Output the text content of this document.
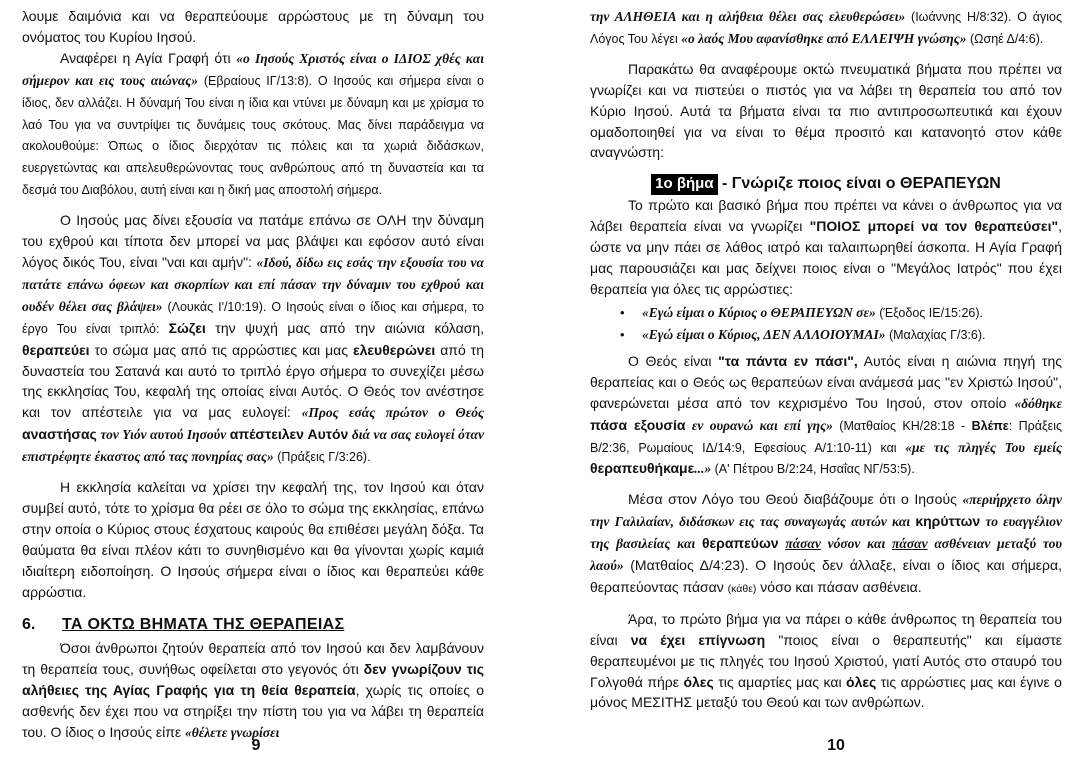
λουμε δαιμόνια και να θεραπεύουμε αρρώστους με τη δύναμη του ονόματος του Κυρίου Ιησού.

Αναφέρει η Αγία Γραφή ότι «ο Ιησούς Χριστός είναι ο ΙΔΙΟΣ χθές και σήμερον και εις τους αιώνας» (Εβραίους ΙΓ/13:8). Ο Ιησούς και σήμερα είναι ο ίδιος, δεν αλλάζει. Η δύναμή Του είναι η ίδια και ντύνει με δύναμη και με χρίσμα το λαό Του για να συντρίψει τις δυνάμεις τους σκότους. Μας δίνει παράδειγμα να ακολουθούμε: Όπως ο ίδιος διερχόταν τις πόλεις και τα χωριά διδάσκων, ευεργετώντας και απελευθερώνοντας τους ανθρώπους από τη δυναστεία και τα δεσμά του Διαβόλου, αυτή είναι και η δική μας αποστολή σήμερα.

Ο Ιησούς μας δίνει εξουσία να πατάμε επάνω σε ΟΛΗ την δύναμη του εχθρού και τίποτα δεν μπορεί να μας βλάψει και εφόσον αυτό είναι λόγος δικός Του, είναι "ναι και αμήν": «Ιδού, δίδω εις εσάς την εξουσία του να πατάτε επάνω όφεων και σκορπίων και επί πάσαν την δύναμιν του εχθρού και ουδέν θέλει σας βλάψει» (Λουκάς Ι'/10:19). Ο Ιησούς είναι ο ίδιος και σήμερα, το έργο Του είναι τριπλό: Σώζει την ψυχή μας από την αιώνια κόλαση, θεραπεύει το σώμα μας από τις αρρώστιες και μας ελευθερώνει από τη δυναστεία του Σατανά και αυτό το τριπλό έργο σήμερα το συνεχίζει μέσω της εκκλησίας Του, κεφαλή της οποίας είναι Αυτός. Ο Θεός τον ανέστησε και τον απέστειλε για να μας ευλογεί: «Προς εσάς πρώτον ο Θεός αναστήσας τον Υιόν αυτού Ιησούν απέστειλεν Αυτόν διά να σας ευλογεί όταν επιστρέφητε έκαστος από τας πονηρίας σας» (Πράξεις Γ/3:26).

Η εκκλησία καλείται να χρίσει την κεφαλή της, τον Ιησού και όταν συμβεί αυτό, τότε το χρίσμα θα ρέει σε όλο το σώμα της εκκλησίας, επάνω στην οποία ο Κύριος στους έσχατους καιρούς θα επιθέσει μεγάλη δόξα. Τα θαύματα θα είναι πλέον κάτι το συνηθισμένο και θα γίνονται χωρίς καμιά ιδιαίτερη ειδοποίηση. Ο Ιησούς σήμερα είναι ο ίδιος και θεραπεύει κάθε αρρώστια.

6.	ΤΑ ΟΚΤΩ ΒΗΜΑΤΑ ΤΗΣ ΘΕΡΑΠΕΙΑΣ

Όσοι άνθρωποι ζητούν θεραπεία από τον Ιησού και δεν λαμβάνουν τη θεραπεία τους, συνήθως οφείλεται στο γεγονός ότι δεν γνωρίζουν τις αλήθειες της Αγίας Γραφής για τη θεία θεραπεία, χωρίς τις οποίες ο ασθενής δεν έχει που να στηρίξει την πίστη του για να λάβει τη θεραπεία του. Ο ίδιος ο Ιησούς είπε «θέλετε γνωρίσει

την ΑΛΗΘΕΙΑ και η αλήθεια θέλει σας ελευθερώσει» (Ιωάννης Η/8:32). Ο άγιος Λόγος Του λέγει «ο λαός Μου αφανίσθηκε από ΕΛΛΕΙΨΗ γνώσης» (Ωσηέ Δ/4:6).

Παρακάτω θα αναφέρουμε οκτώ πνευματικά βήματα που πρέπει να γνωρίζει και να πιστεύει ο πιστός για να λάβει τη θεραπεία του από τον Κύριο Ιησού. Αυτά τα βήματα είναι τα πιο αντιπροσωπευτικά και έχουν ομαδοποιηθεί για να είναι το θέμα προσιτό και κατανοητό στον κάθε αναγνώστη:

1ο βήμα - Γνώριζε ποιος είναι ο ΘΕΡΑΠΕΥΩΝ

Το πρώτο και βασικό βήμα που πρέπει να κάνει ο άνθρωπος για να λάβει θεραπεία είναι να γνωρίζει "ΠΟΙΟΣ μπορεί να τον θεραπεύσει", ώστε να μην πάει σε λάθος ιατρό και ταλαιπωρηθεί άσκοπα. Η Αγία Γραφή μας παρουσιάζει και μας δείχνει ποιος είναι ο "Μεγάλος Ιατρός" που έχει θεραπεία για όλες τις αρρώστιες:

• «Εγώ είμαι ο Κύριος ο ΘΕΡΑΠΕΥΩΝ σε» (Έξοδος ΙΕ/15:26).
• «Εγώ είμαι ο Κύριος, ΔΕΝ ΑΛΛΟΙΟΥΜΑΙ» (Μαλαχίας Γ/3:6).

Ο Θεός είναι "τα πάντα εν πάσι", Αυτός είναι η αιώνια πηγή της θεραπείας και ο Θεός ως θεραπεύων είναι ανάμεσά μας "εν Χριστώ Ιησού", φανερώνεται μέσα από τον κεχρισμένο Του Ιησού, στον οποίο «δόθηκε πάσα εξουσία εν ουρανώ και επί γης» (Ματθαίος ΚΗ/28:18 - Βλέπε: Πράξεις Β/2:36, Ρωμαίους ΙΔ/14:9, Εφεσίους Α/1:10-11) και «με τις πληγές Του εμείς θεραπευθήκαμε...» (Α' Πέτρου Β/2:24, Ησαΐας ΝΓ/53:5).

Μέσα στον Λόγο του Θεού διαβάζουμε ότι ο Ιησούς «περιήρχετο όλην την Γαλιλαίαν, διδάσκων εις τας συναγωγάς αυτών και κηρύττων το ευαγγέλιον της βασιλείας και θεραπεύων πάσαν νόσον και πάσαν ασθένειαν μεταξύ του λαού» (Ματθαίος Δ/4:23). Ο Ιησούς δεν άλλαξε, είναι ο ίδιος και σήμερα, θεραπεύοντας πάσαν (κάθε) νόσο και πάσαν ασθένεια.

Άρα, το πρώτο βήμα για να πάρει ο κάθε άνθρωπος τη θεραπεία του είναι να έχει επίγνωση "ποιος είναι ο θεραπευτής" και είμαστε θεραπευμένοι με τις πληγές του Ιησού Χριστού, γιατί Αυτός στο σταυρό του Γολγοθά πήρε όλες τις αμαρτίες μας και όλες τις αρρώστιες μας και έγινε ο μόνος ΜΕΣΙΤΗΣ μεταξύ του Θεού και των ανθρώπων.

9	10
